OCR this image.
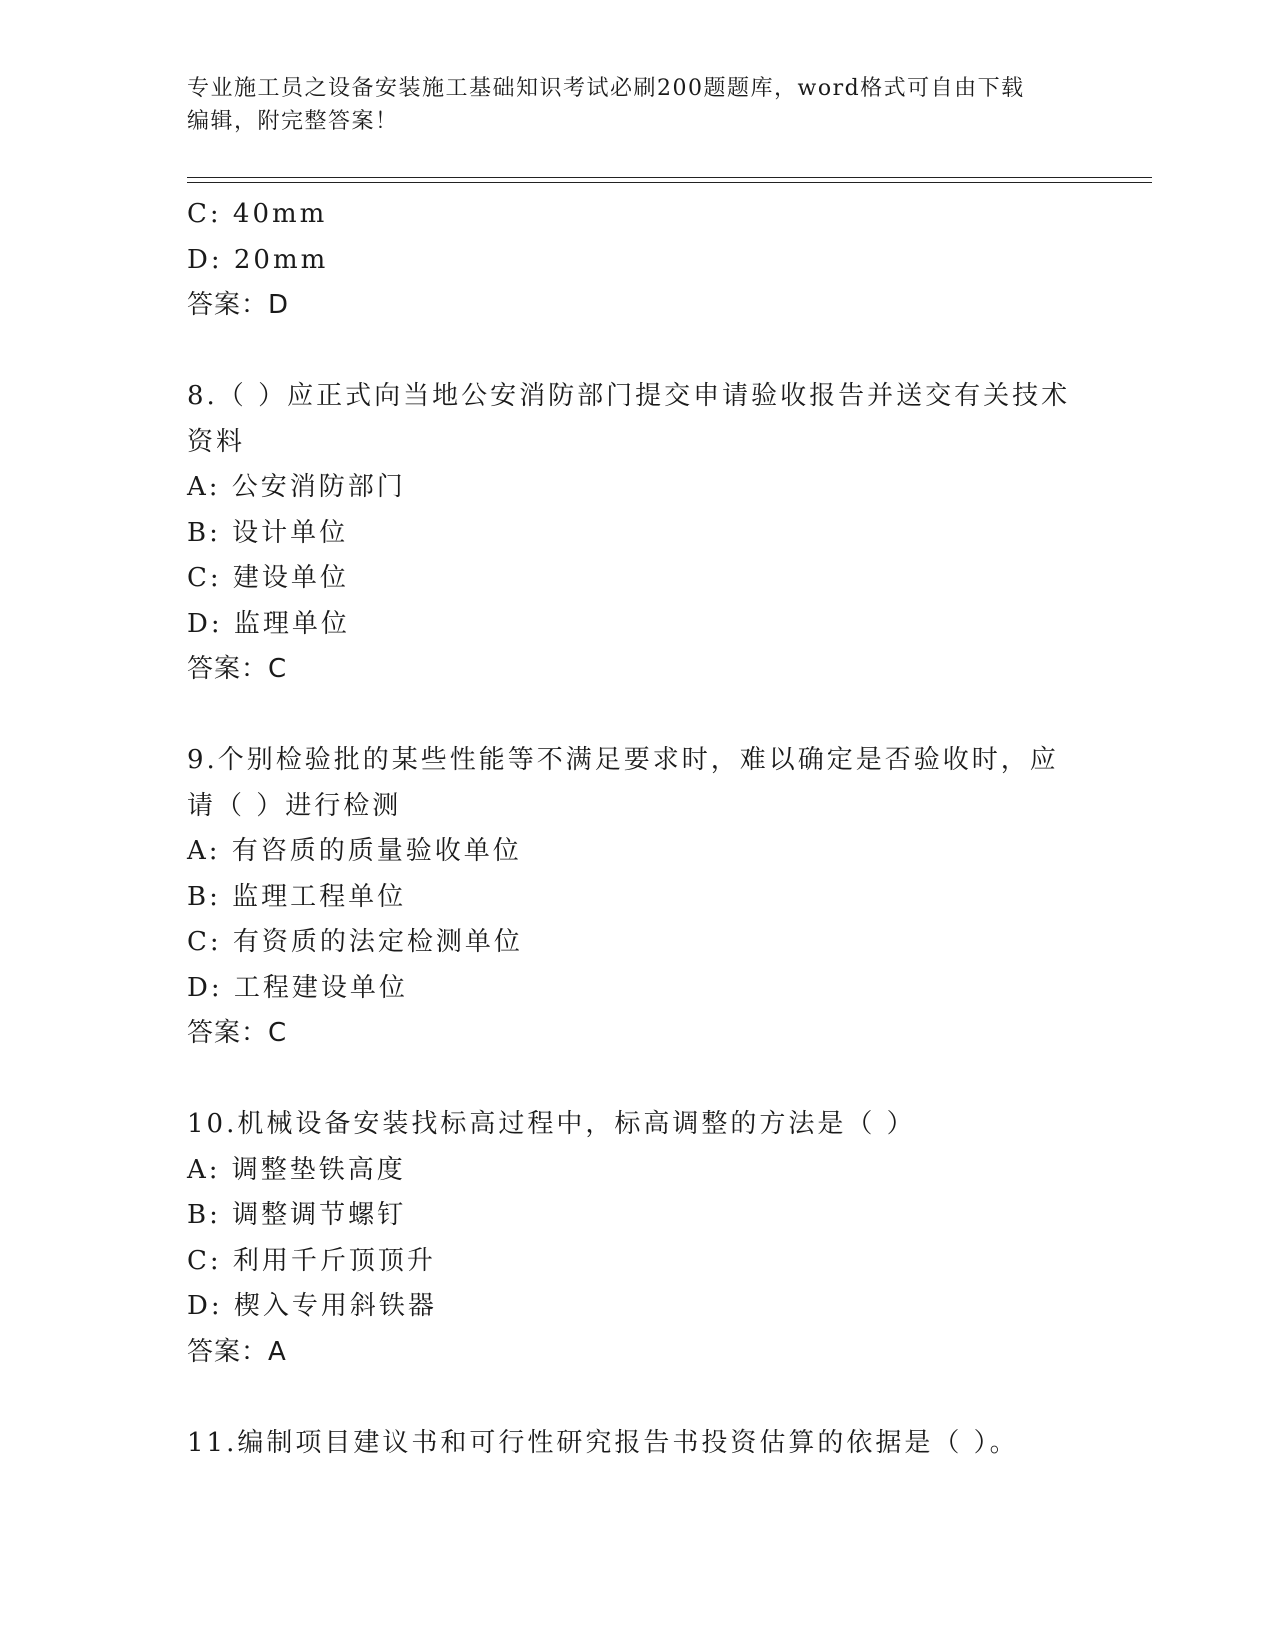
专业施工员之设备安装施工基础知识考试必刷200题题库，word格式可自由下载
编辑，附完整答案！
C: 40mm
D: 20mm
答案：D
8.（ ）应正式向当地公安消防部门提交申请验收报告并送交有关技术
资料
A: 公安消防部门
B: 设计单位
C: 建设单位
D: 监理单位
答案：C
9.个别检验批的某些性能等不满足要求时，难以确定是否验收时，应
请（ ）进行检测
A: 有咨质的质量验收单位
B: 监理工程单位
C: 有资质的法定检测单位
D: 工程建设单位
答案：C
10.机械设备安装找标高过程中，标高调整的方法是（ ）
A: 调整垫铁高度
B: 调整调节螺钉
C: 利用千斤顶顶升
D: 楔入专用斜铁器
答案：A
11.编制项目建议书和可行性研究报告书投资估算的依据是（ ）。
